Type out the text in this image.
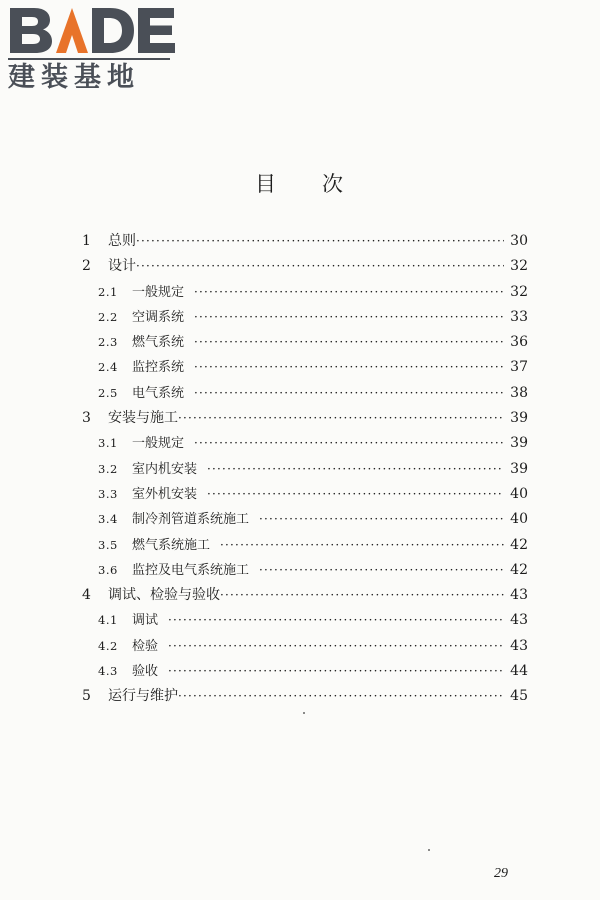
建装基地
目 次
1	总则 ·····	30
2	设计 ·····	32
2.1	一般规定 ·····	32
2.2	空调系统 ·····	33
2.3	燃气系统 ·····	36
2.4	监控系统 ·····	37
2.5	电气系统 ·····	38
3	安装与施工 ·····	39
3.1	一般规定 ·····	39
3.2	室内机安装 ·····	39
3.3	室外机安装 ·····	40
3.4	制冷剂管道系统施工 ·····	40
3.5	燃气系统施工 ·····	42
3.6	监控及电气系统施工 ·····	42
4	调试、检验与验收 ·····	43
4.1	调试 ·····	43
4.2	检验 ·····	43
4.3	验收 ·····	44
5	运行与维护 ·····	45
29
